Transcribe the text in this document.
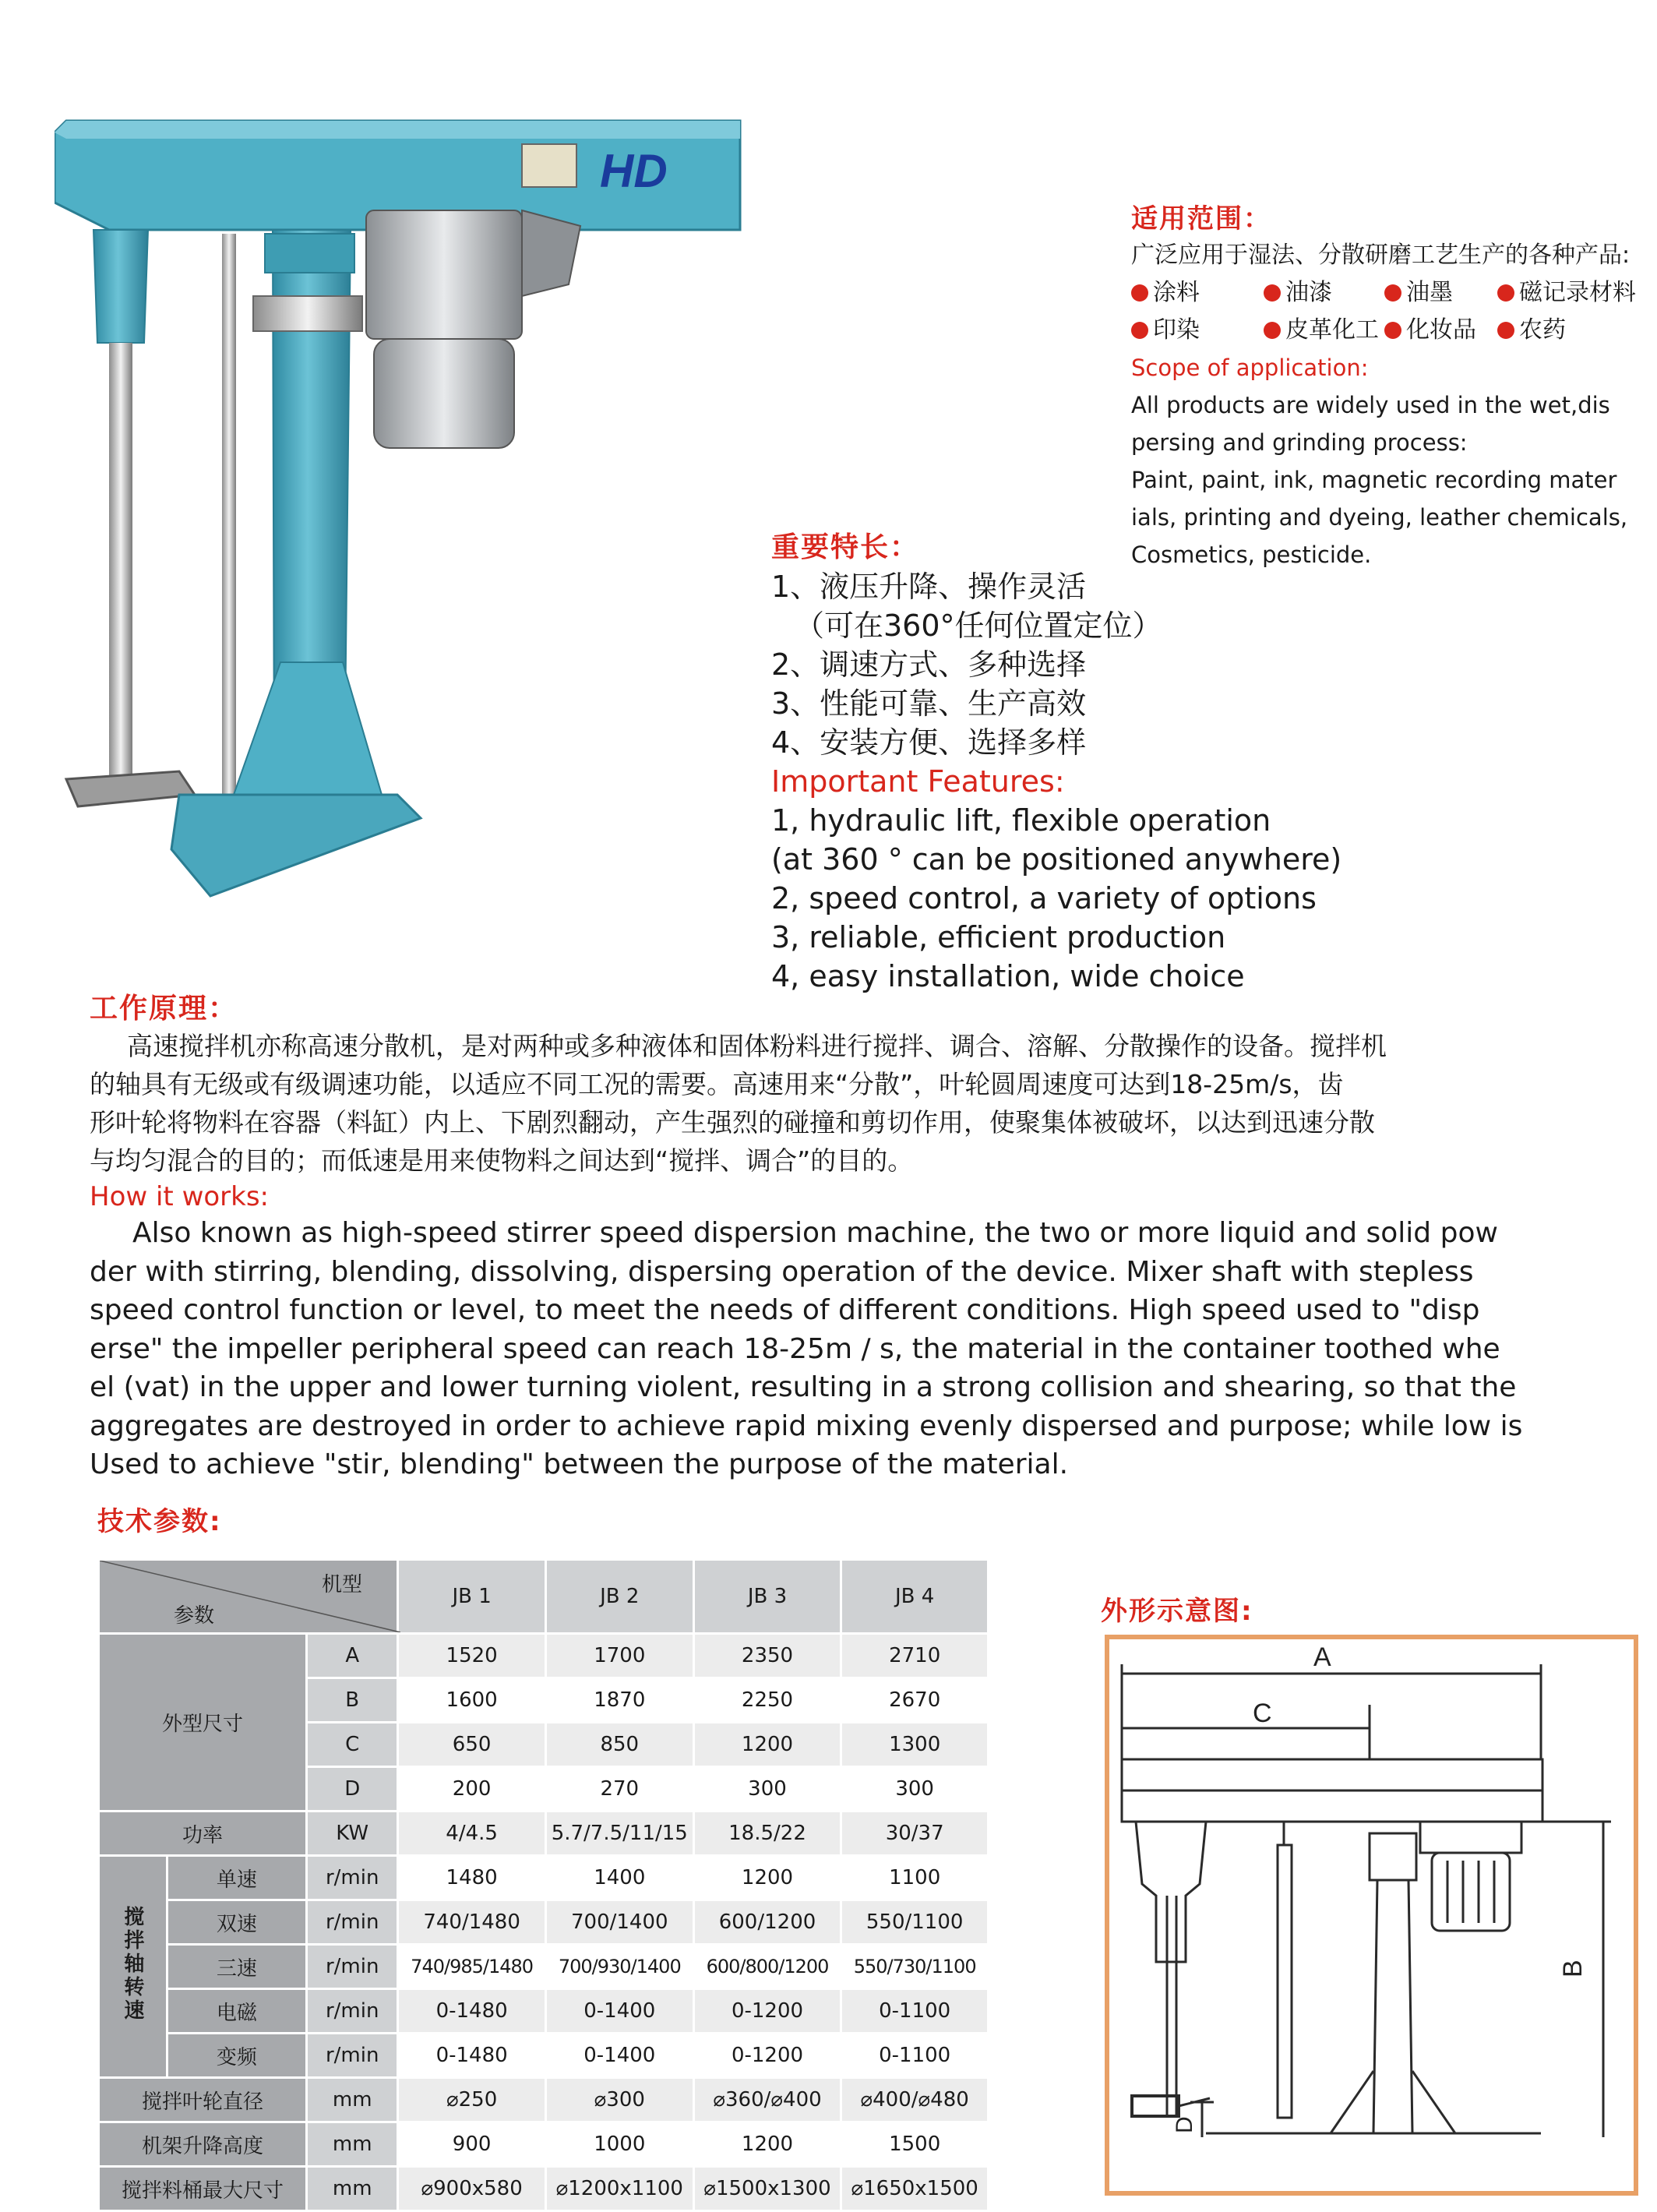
HD
适用范围：
广泛应用于湿法、分散研磨工艺生产的各种产品:
涂料	油漆	油墨	磁记录材料
印染	皮革化工	化妆品	农药
Scope of application:
All products are widely used in the wet,dis
persing and grinding process:
Paint, paint, ink, magnetic recording mater
ials, printing and dyeing, leather chemicals,
Cosmetics, pesticide.
重要特长：
1、液压升降、操作灵活
（可在360°任何位置定位）
2、调速方式、多种选择
3、性能可靠、生产高效
4、安装方便、选择多样
Important Features:
1, hydraulic lift, flexible operation
(at 360 ° can be positioned anywhere)
2, speed control, a variety of options
3, reliable, efficient production
4, easy installation, wide choice
工作原理：
高速搅拌机亦称高速分散机，是对两种或多种液体和固体粉料进行搅拌、调合、溶解、分散操作的设备。搅拌机
的轴具有无级或有级调速功能，以适应不同工况的需要。高速用来“分散”，叶轮圆周速度可达到18-25m/s，齿
形叶轮将物料在容器（料缸）内上、下剧烈翻动，产生强烈的碰撞和剪切作用，使聚集体被破坏，以达到迅速分散
与均匀混合的目的；而低速是用来使物料之间达到“搅拌、调合”的目的。
How it works:
Also known as high-speed stirrer speed dispersion machine, the two or more liquid and solid pow
der with stirring, blending, dissolving, dispersing operation of the device. Mixer shaft with stepless
speed control function or level, to meet the needs of different conditions. High speed used to "disp
erse" the impeller peripheral speed can reach 18-25m / s, the material in the container toothed whe
el (vat) in the upper and lower turning violent, resulting in a strong collision and shearing, so that the
aggregates are destroyed in order to achieve rapid mixing evenly dispersed and purpose; while low is
Used to achieve "stir, blending" between the purpose of the material.
技术参数:
机型
参数			JB 1	JB 2	JB 3	JB 4
外型尺寸		A	1520	1700	2350	2710
		B	1600	1870	2250	2670
		C	650	850	1200	1300
		D	200	270	300	300
功率		KW	4/4.5	5.7/7.5/11/15	18.5/22	30/37
搅拌轴转速	单速	r/min	1480	1400	1200	1100
	双速	r/min	740/1480	700/1400	600/1200	550/1100
	三速	r/min	740/985/1480	700/930/1400	600/800/1200	550/730/1100
	电磁	r/min	0-1480	0-1400	0-1200	0-1100
	变频	r/min	0-1480	0-1400	0-1200	0-1100
搅拌叶轮直径		mm	⌀250	⌀300	⌀360/⌀400	⌀400/⌀480
机架升降高度		mm	900	1000	1200	1500
搅拌料桶最大尺寸		mm	⌀900x580	⌀1200x1100	⌀1500x1300	⌀1650x1500
外形示意图:
A
C
B
D
